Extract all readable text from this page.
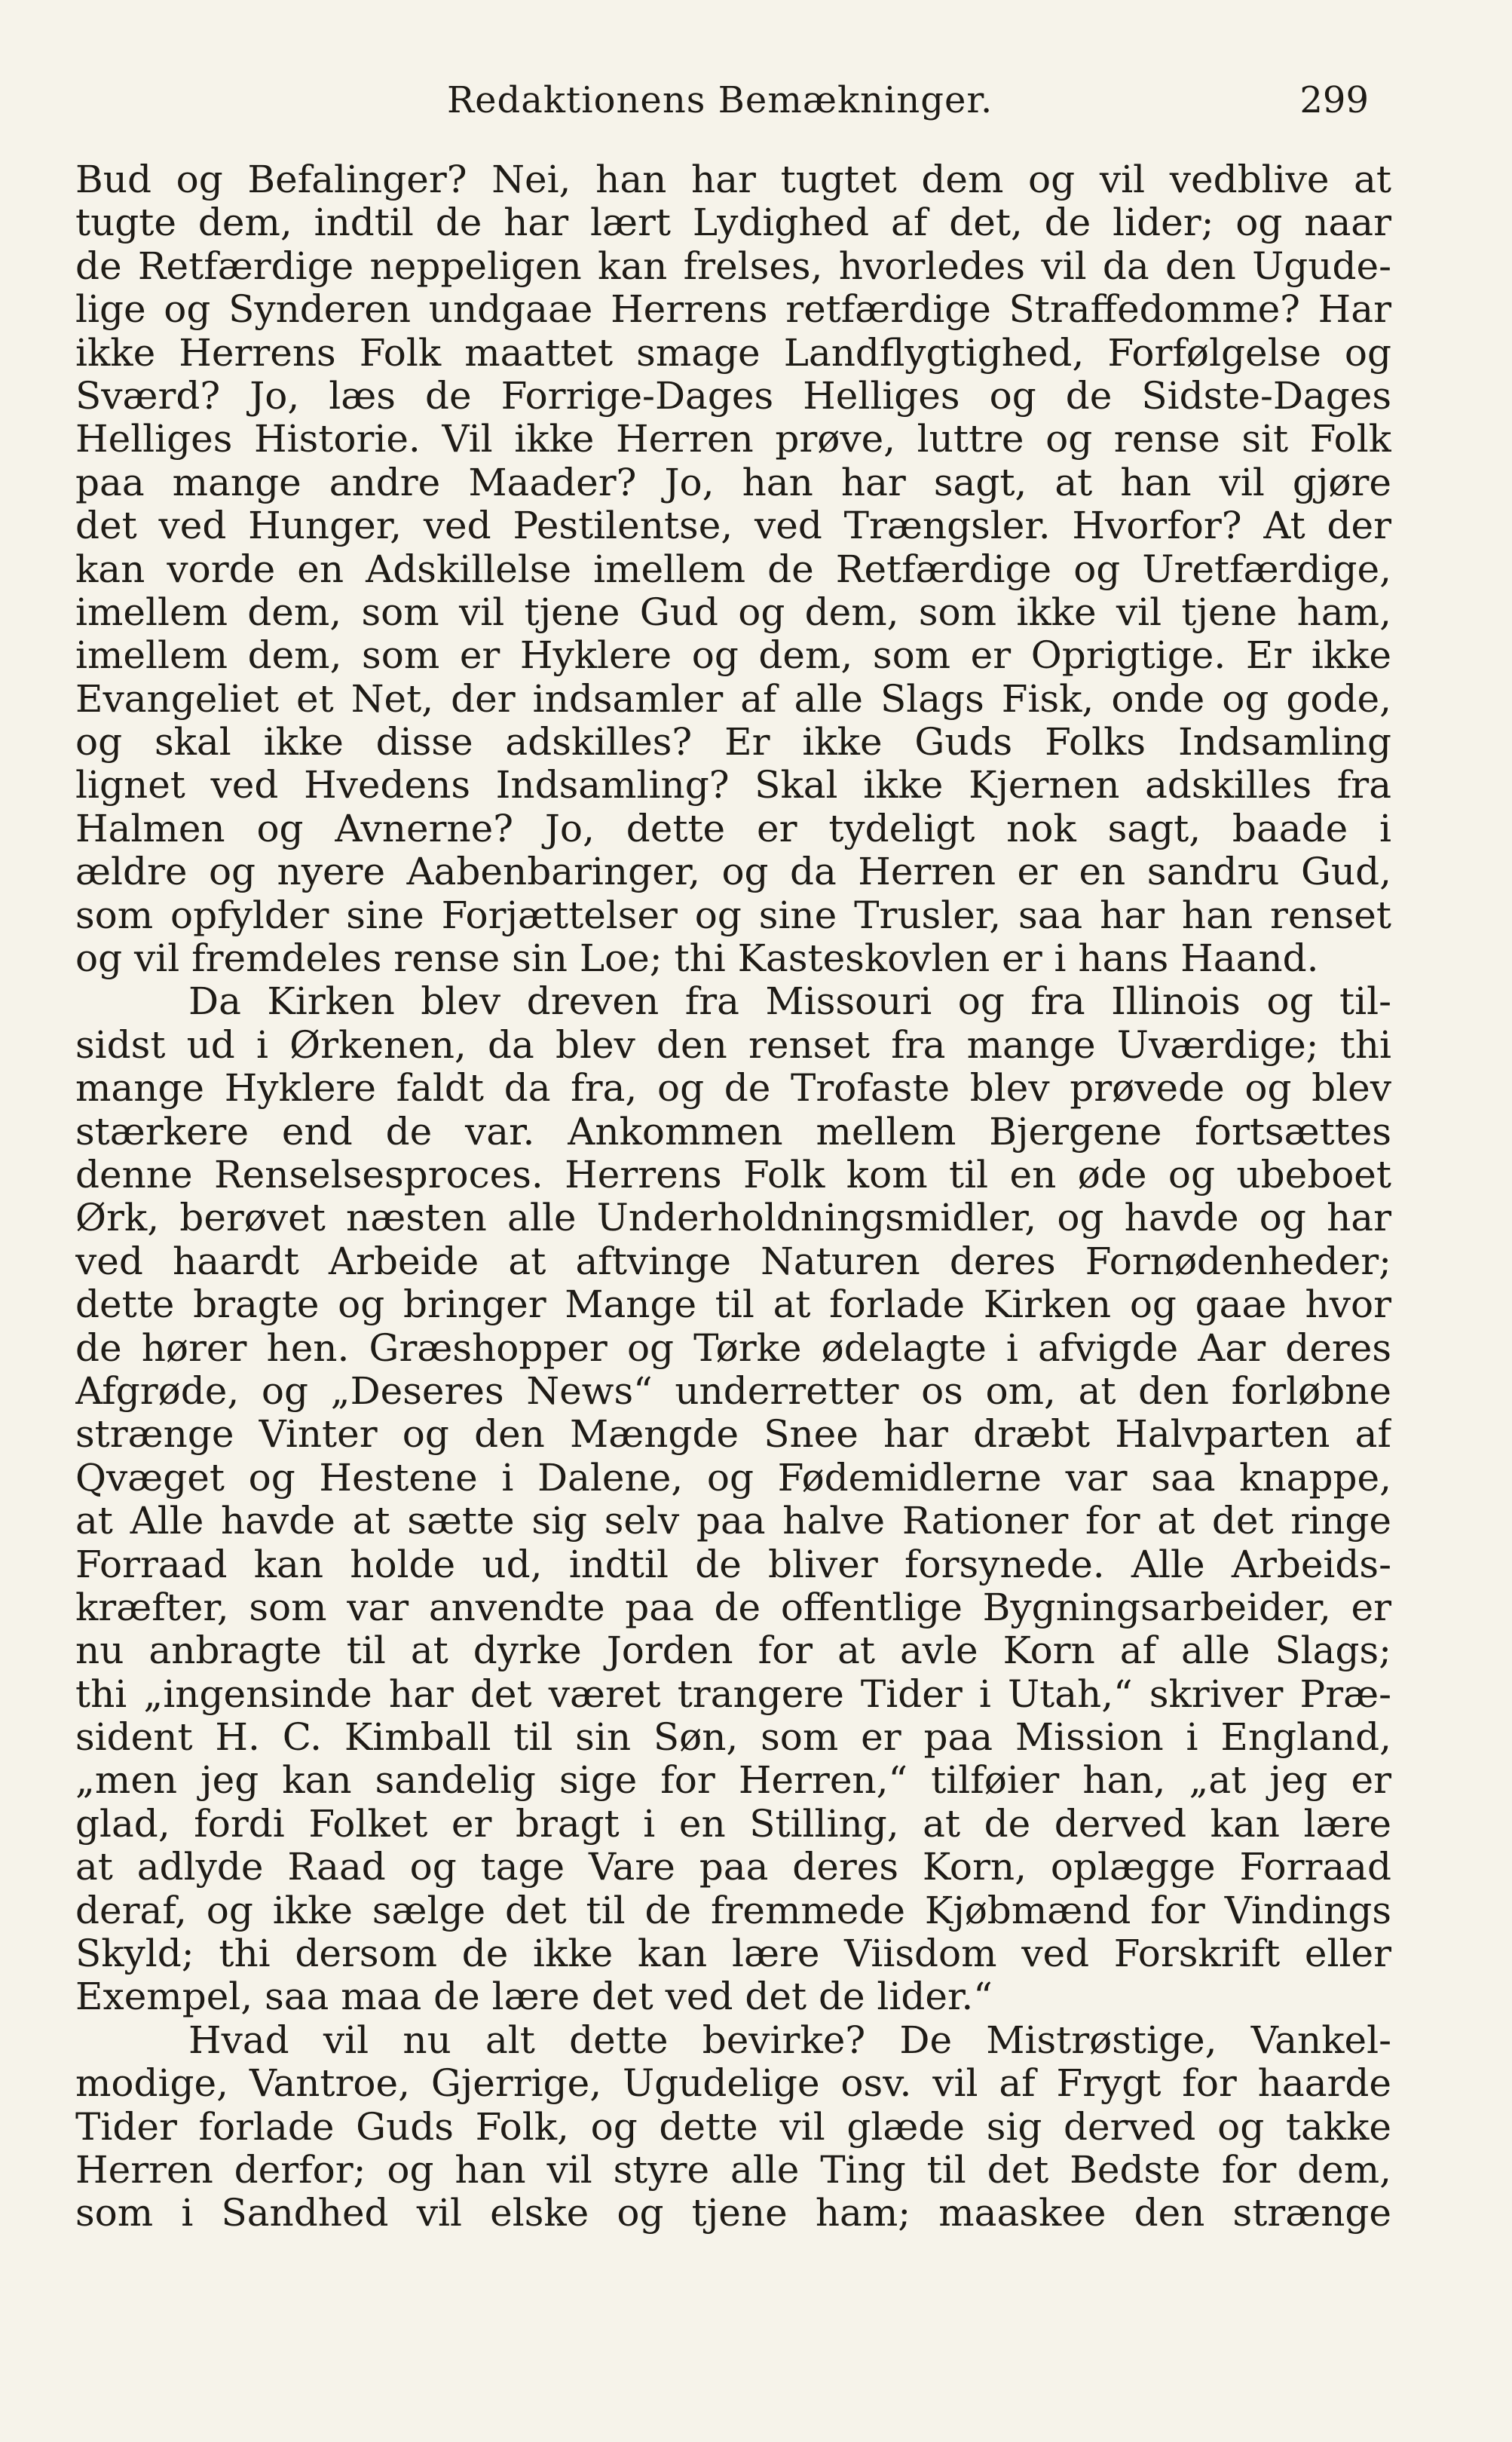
Redaktionens Bemækninger.	299
Bud og Befalinger? Nei, han har tugtet dem og vil vedblive at
tugte dem, indtil de har lært Lydighed af det, de lider; og naar
de Retfærdige neppeligen kan frelses, hvorledes vil da den Ugude-
lige og Synderen undgaae Herrens retfærdige Straffedomme? Har
ikke Herrens Folk maattet smage Landflygtighed, Forfølgelse og
Sværd? Jo, læs de Forrige-Dages Helliges og de Sidste-Dages
Helliges Historie. Vil ikke Herren prøve, luttre og rense sit Folk
paa mange andre Maader? Jo, han har sagt, at han vil gjøre
det ved Hunger, ved Pestilentse, ved Trængsler. Hvorfor? At der
kan vorde en Adskillelse imellem de Retfærdige og Uretfærdige,
imellem dem, som vil tjene Gud og dem, som ikke vil tjene ham,
imellem dem, som er Hyklere og dem, som er Oprigtige. Er ikke
Evangeliet et Net, der indsamler af alle Slags Fisk, onde og gode,
og skal ikke disse adskilles? Er ikke Guds Folks Indsamling
lignet ved Hvedens Indsamling? Skal ikke Kjernen adskilles fra
Halmen og Avnerne? Jo, dette er tydeligt nok sagt, baade i
ældre og nyere Aabenbaringer, og da Herren er en sandru Gud,
som opfylder sine Forjættelser og sine Trusler, saa har han renset
og vil fremdeles rense sin Loe; thi Kasteskovlen er i hans Haand.
Da Kirken blev dreven fra Missouri og fra Illinois og til-
sidst ud i Ørkenen, da blev den renset fra mange Uværdige; thi
mange Hyklere faldt da fra, og de Trofaste blev prøvede og blev
stærkere end de var. Ankommen mellem Bjergene fortsættes
denne Renselsesproces. Herrens Folk kom til en øde og ubeboet
Ørk, berøvet næsten alle Underholdningsmidler, og havde og har
ved haardt Arbeide at aftvinge Naturen deres Fornødenheder;
dette bragte og bringer Mange til at forlade Kirken og gaae hvor
de hører hen. Græshopper og Tørke ødelagte i afvigde Aar deres
Afgrøde, og „Deseres News“ underretter os om, at den forløbne
strænge Vinter og den Mængde Snee har dræbt Halvparten af
Qvæget og Hestene i Dalene, og Fødemidlerne var saa knappe,
at Alle havde at sætte sig selv paa halve Rationer for at det ringe
Forraad kan holde ud, indtil de bliver forsynede. Alle Arbeids-
kræfter, som var anvendte paa de offentlige Bygningsarbeider, er
nu anbragte til at dyrke Jorden for at avle Korn af alle Slags;
thi „ingensinde har det været trangere Tider i Utah,“ skriver Præ-
sident H. C. Kimball til sin Søn, som er paa Mission i England,
„men jeg kan sandelig sige for Herren,“ tilføier han, „at jeg er
glad, fordi Folket er bragt i en Stilling, at de derved kan lære
at adlyde Raad og tage Vare paa deres Korn, oplægge Forraad
deraf, og ikke sælge det til de fremmede Kjøbmænd for Vindings
Skyld; thi dersom de ikke kan lære Viisdom ved Forskrift eller
Exempel, saa maa de lære det ved det de lider.“
Hvad vil nu alt dette bevirke? De Mistrøstige, Vankel-
modige, Vantroe, Gjerrige, Ugudelige osv. vil af Frygt for haarde
Tider forlade Guds Folk, og dette vil glæde sig derved og takke
Herren derfor; og han vil styre alle Ting til det Bedste for dem,
som i Sandhed vil elske og tjene ham; maaskee den strænge
